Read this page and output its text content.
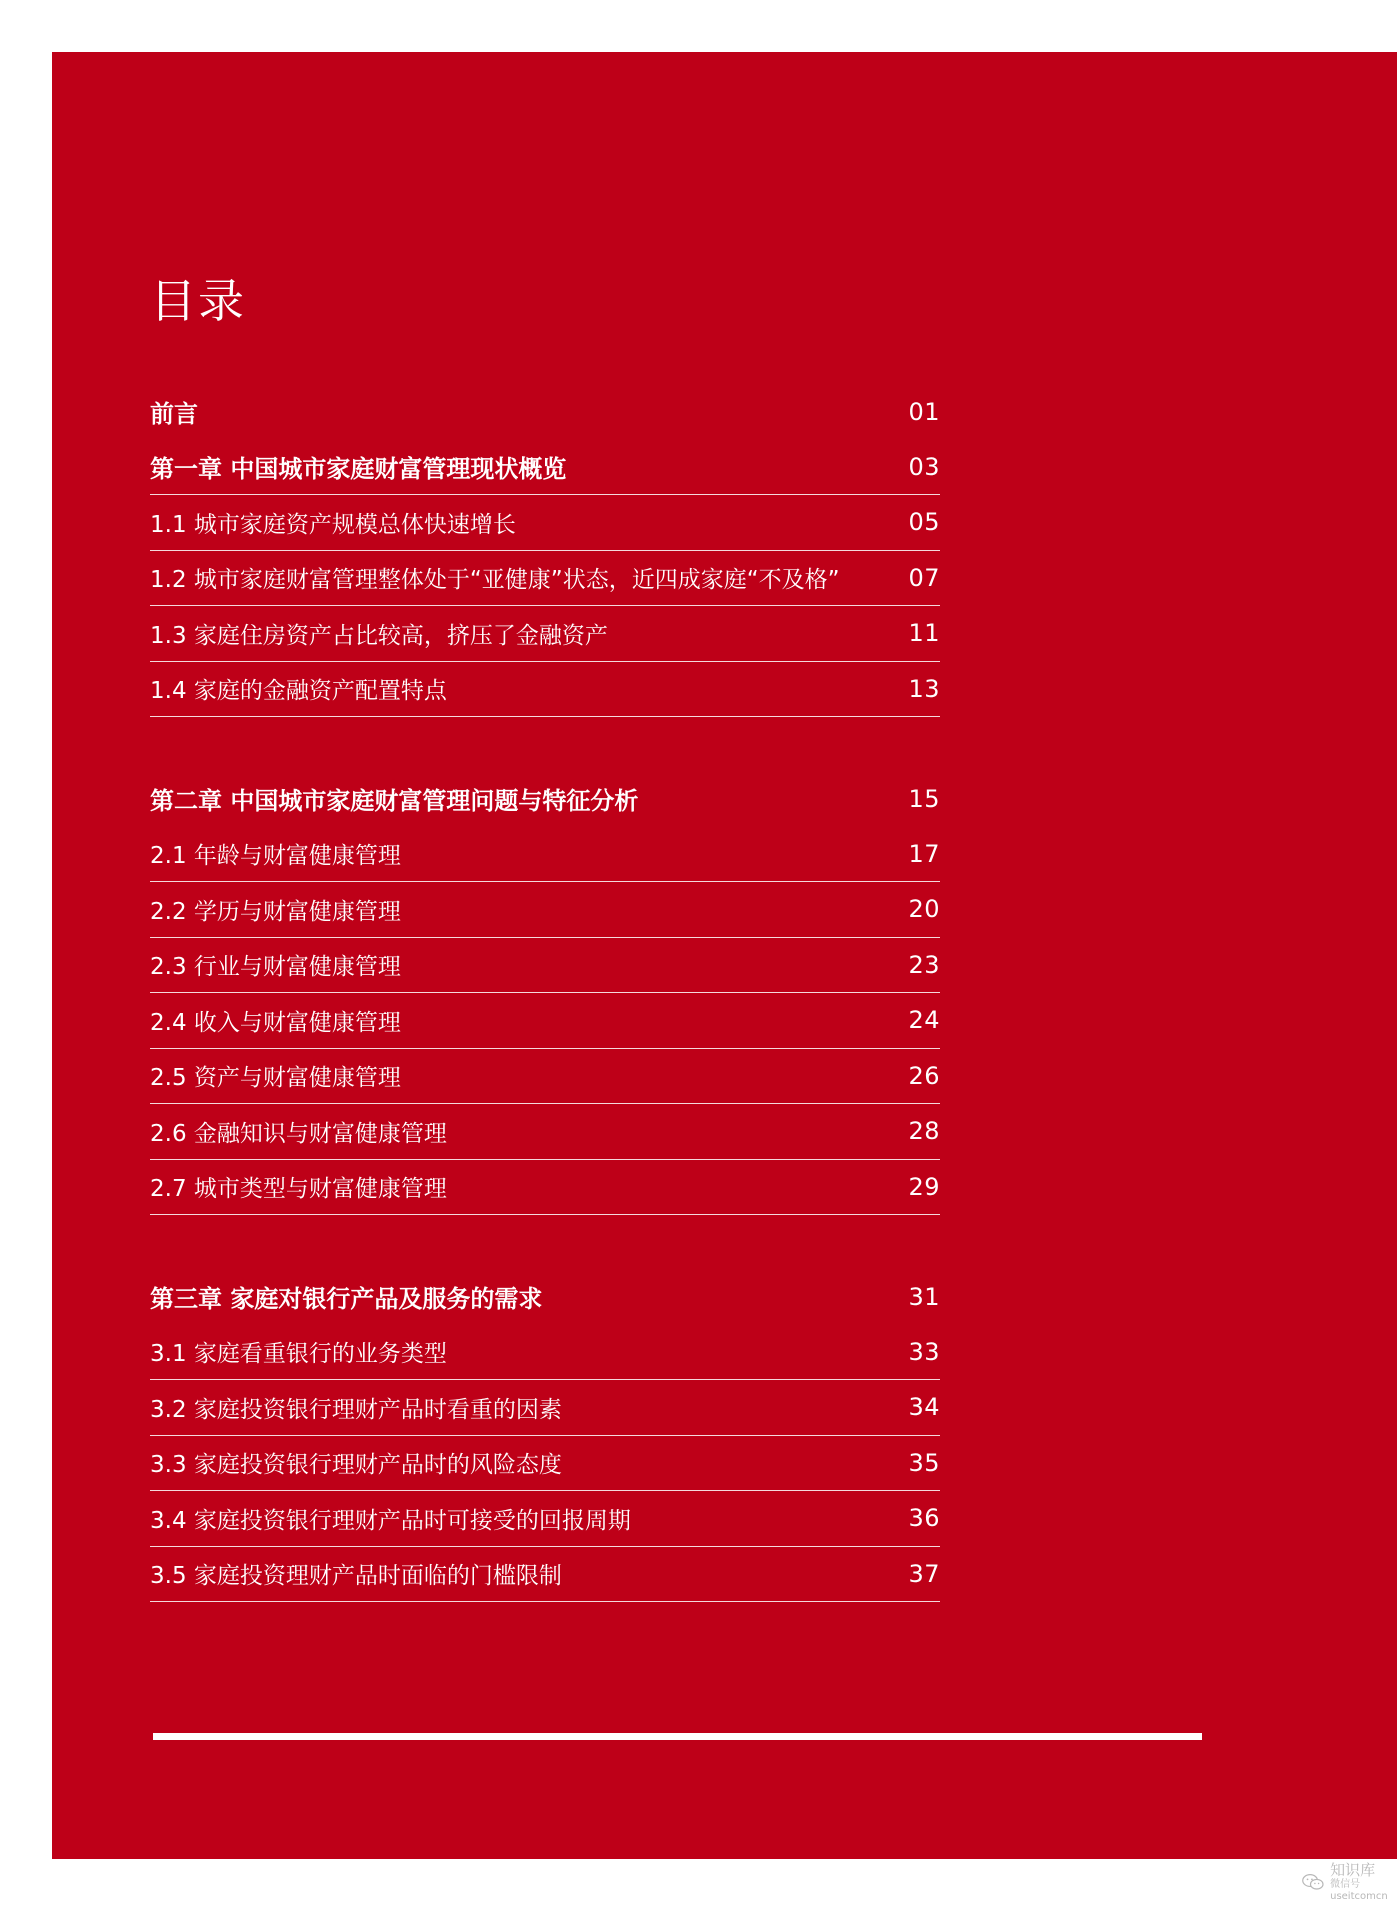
目录
前言	01
第一章 中国城市家庭财富管理现状概览	03
1.1 城市家庭资产规模总体快速增长	05
1.2 城市家庭财富管理整体处于“亚健康”状态，近四成家庭“不及格”	07
1.3 家庭住房资产占比较高，挤压了金融资产	11
1.4 家庭的金融资产配置特点	13
第二章 中国城市家庭财富管理问题与特征分析	15
2.1 年龄与财富健康管理	17
2.2 学历与财富健康管理	20
2.3 行业与财富健康管理	23
2.4 收入与财富健康管理	24
2.5 资产与财富健康管理	26
2.6 金融知识与财富健康管理	28
2.7 城市类型与财富健康管理	29
第三章 家庭对银行产品及服务的需求	31
3.1 家庭看重银行的业务类型	33
3.2 家庭投资银行理财产品时看重的因素	34
3.3 家庭投资银行理财产品时的风险态度	35
3.4 家庭投资银行理财产品时可接受的回报周期	36
3.5 家庭投资理财产品时面临的门槛限制	37
知识库
微信号 useitcomcn
